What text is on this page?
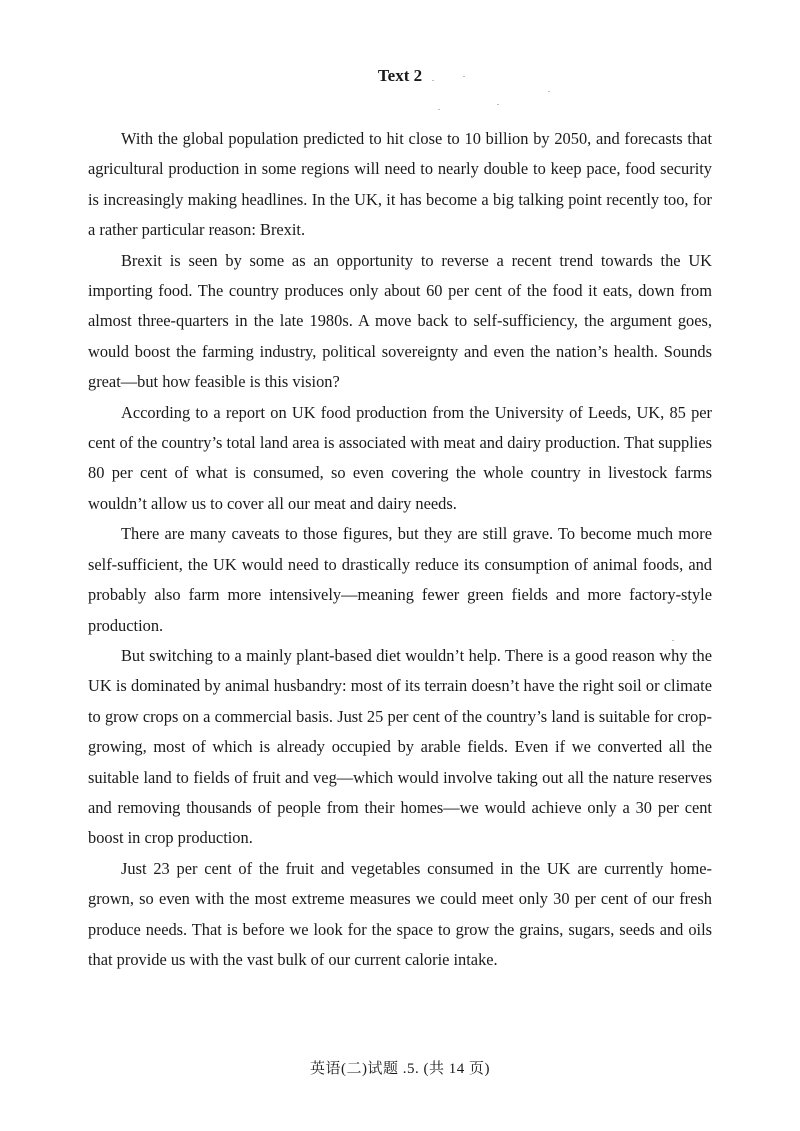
Text 2

With the global population predicted to hit close to 10 billion by 2050, and forecasts that agricultural production in some regions will need to nearly double to keep pace, food security is increasingly making headlines. In the UK, it has become a big talking point recently too, for a rather particular reason: Brexit.

Brexit is seen by some as an opportunity to reverse a recent trend towards the UK importing food. The country produces only about 60 per cent of the food it eats, down from almost three-quarters in the late 1980s. A move back to self-sufficiency, the argument goes, would boost the farming industry, political sovereignty and even the nation’s health. Sounds great—but how feasible is this vision?

According to a report on UK food production from the University of Leeds, UK, 85 per cent of the country’s total land area is associated with meat and dairy production. That supplies 80 per cent of what is consumed, so even covering the whole country in livestock farms wouldn’t allow us to cover all our meat and dairy needs.

There are many caveats to those figures, but they are still grave. To become much more self-sufficient, the UK would need to drastically reduce its consumption of animal foods, and probably also farm more intensively—meaning fewer green fields and more factory-style production.

But switching to a mainly plant-based diet wouldn’t help. There is a good reason why the UK is dominated by animal husbandry: most of its terrain doesn’t have the right soil or climate to grow crops on a commercial basis. Just 25 per cent of the country’s land is suitable for crop-growing, most of which is already occupied by arable fields. Even if we converted all the suitable land to fields of fruit and veg—which would involve taking out all the nature reserves and removing thousands of people from their homes—we would achieve only a 30 per cent boost in crop production.

Just 23 per cent of the fruit and vegetables consumed in the UK are currently home-grown, so even with the most extreme measures we could meet only 30 per cent of our fresh produce needs. That is before we look for the space to grow the grains, sugars, seeds and oils that provide us with the vast bulk of our current calorie intake.

英语(二)试题 .5. (共 14 页)
